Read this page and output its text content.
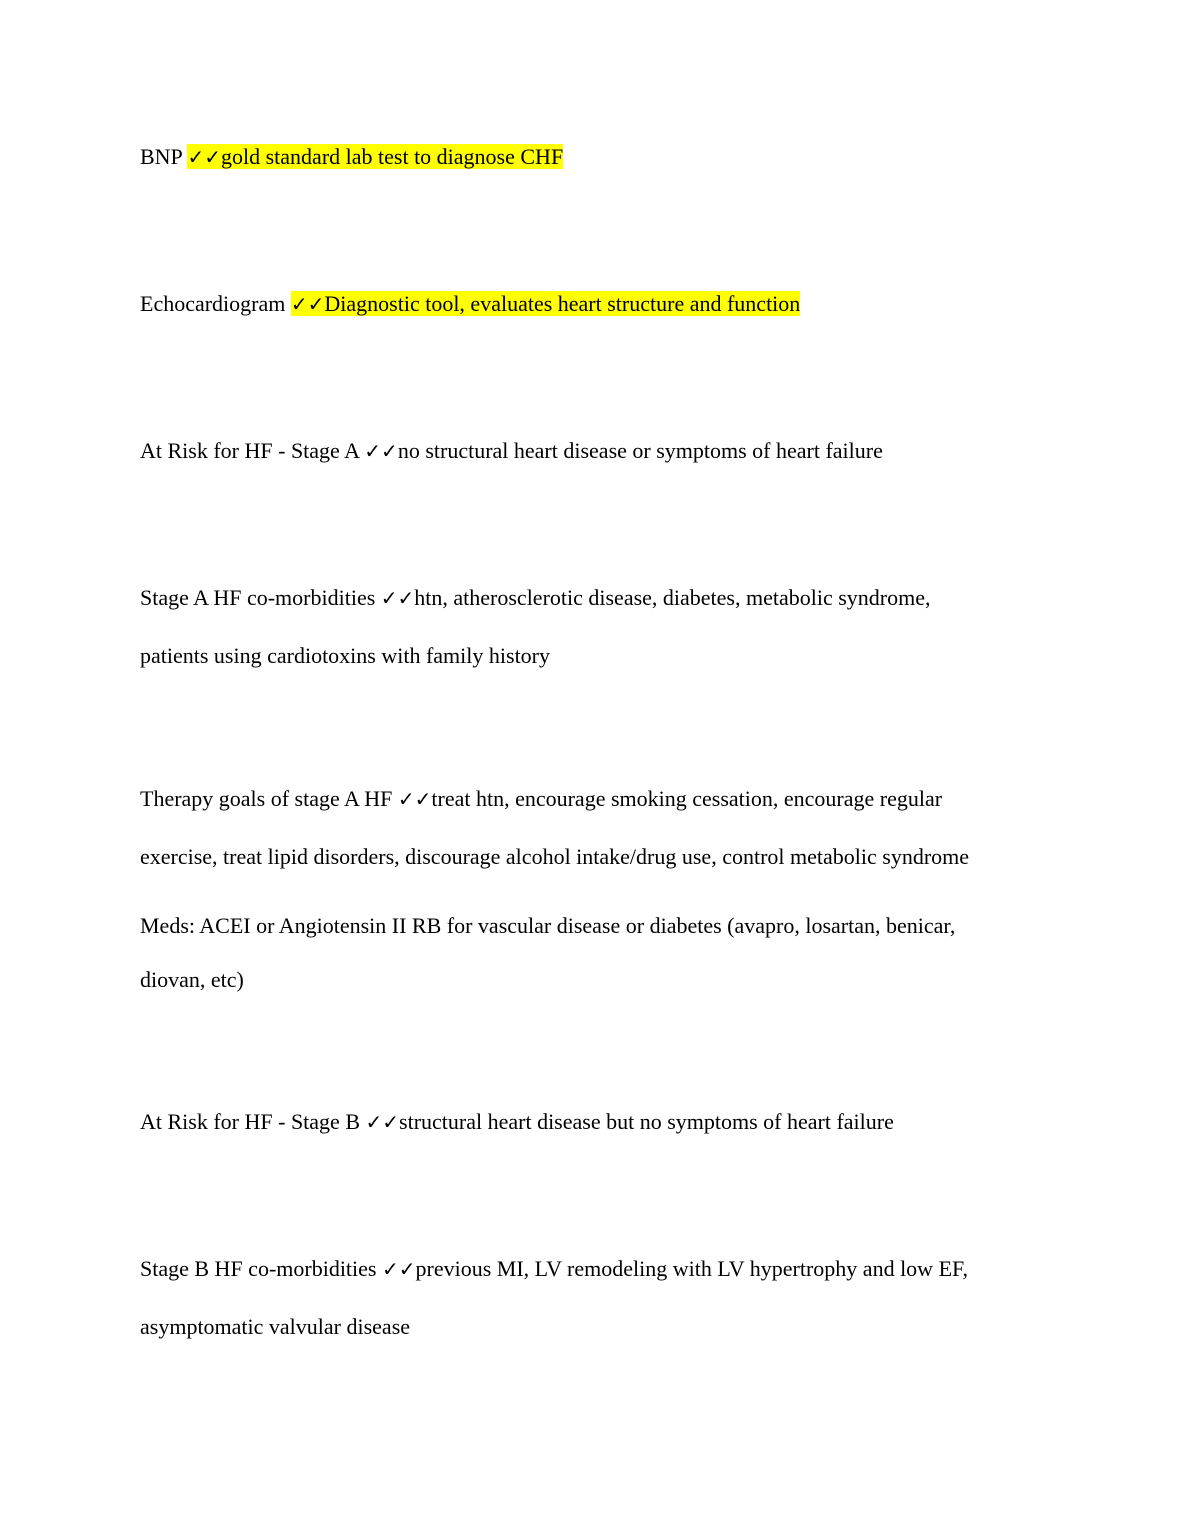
BNP ✓✓gold standard lab test to diagnose CHF
Echocardiogram ✓✓Diagnostic tool, evaluates heart structure and function
At Risk for HF - Stage A ✓✓no structural heart disease or symptoms of heart failure
Stage A HF co-morbidities ✓✓htn, atherosclerotic disease, diabetes, metabolic syndrome,
patients using cardiotoxins with family history
Therapy goals of stage A HF ✓✓treat htn, encourage smoking cessation, encourage regular
exercise, treat lipid disorders, discourage alcohol intake/drug use, control metabolic syndrome
Meds: ACEI or Angiotensin II RB for vascular disease or diabetes (avapro, losartan, benicar,
diovan, etc)
At Risk for HF - Stage B ✓✓structural heart disease but no symptoms of heart failure
Stage B HF co-morbidities ✓✓previous MI, LV remodeling with LV hypertrophy and low EF,
asymptomatic valvular disease
